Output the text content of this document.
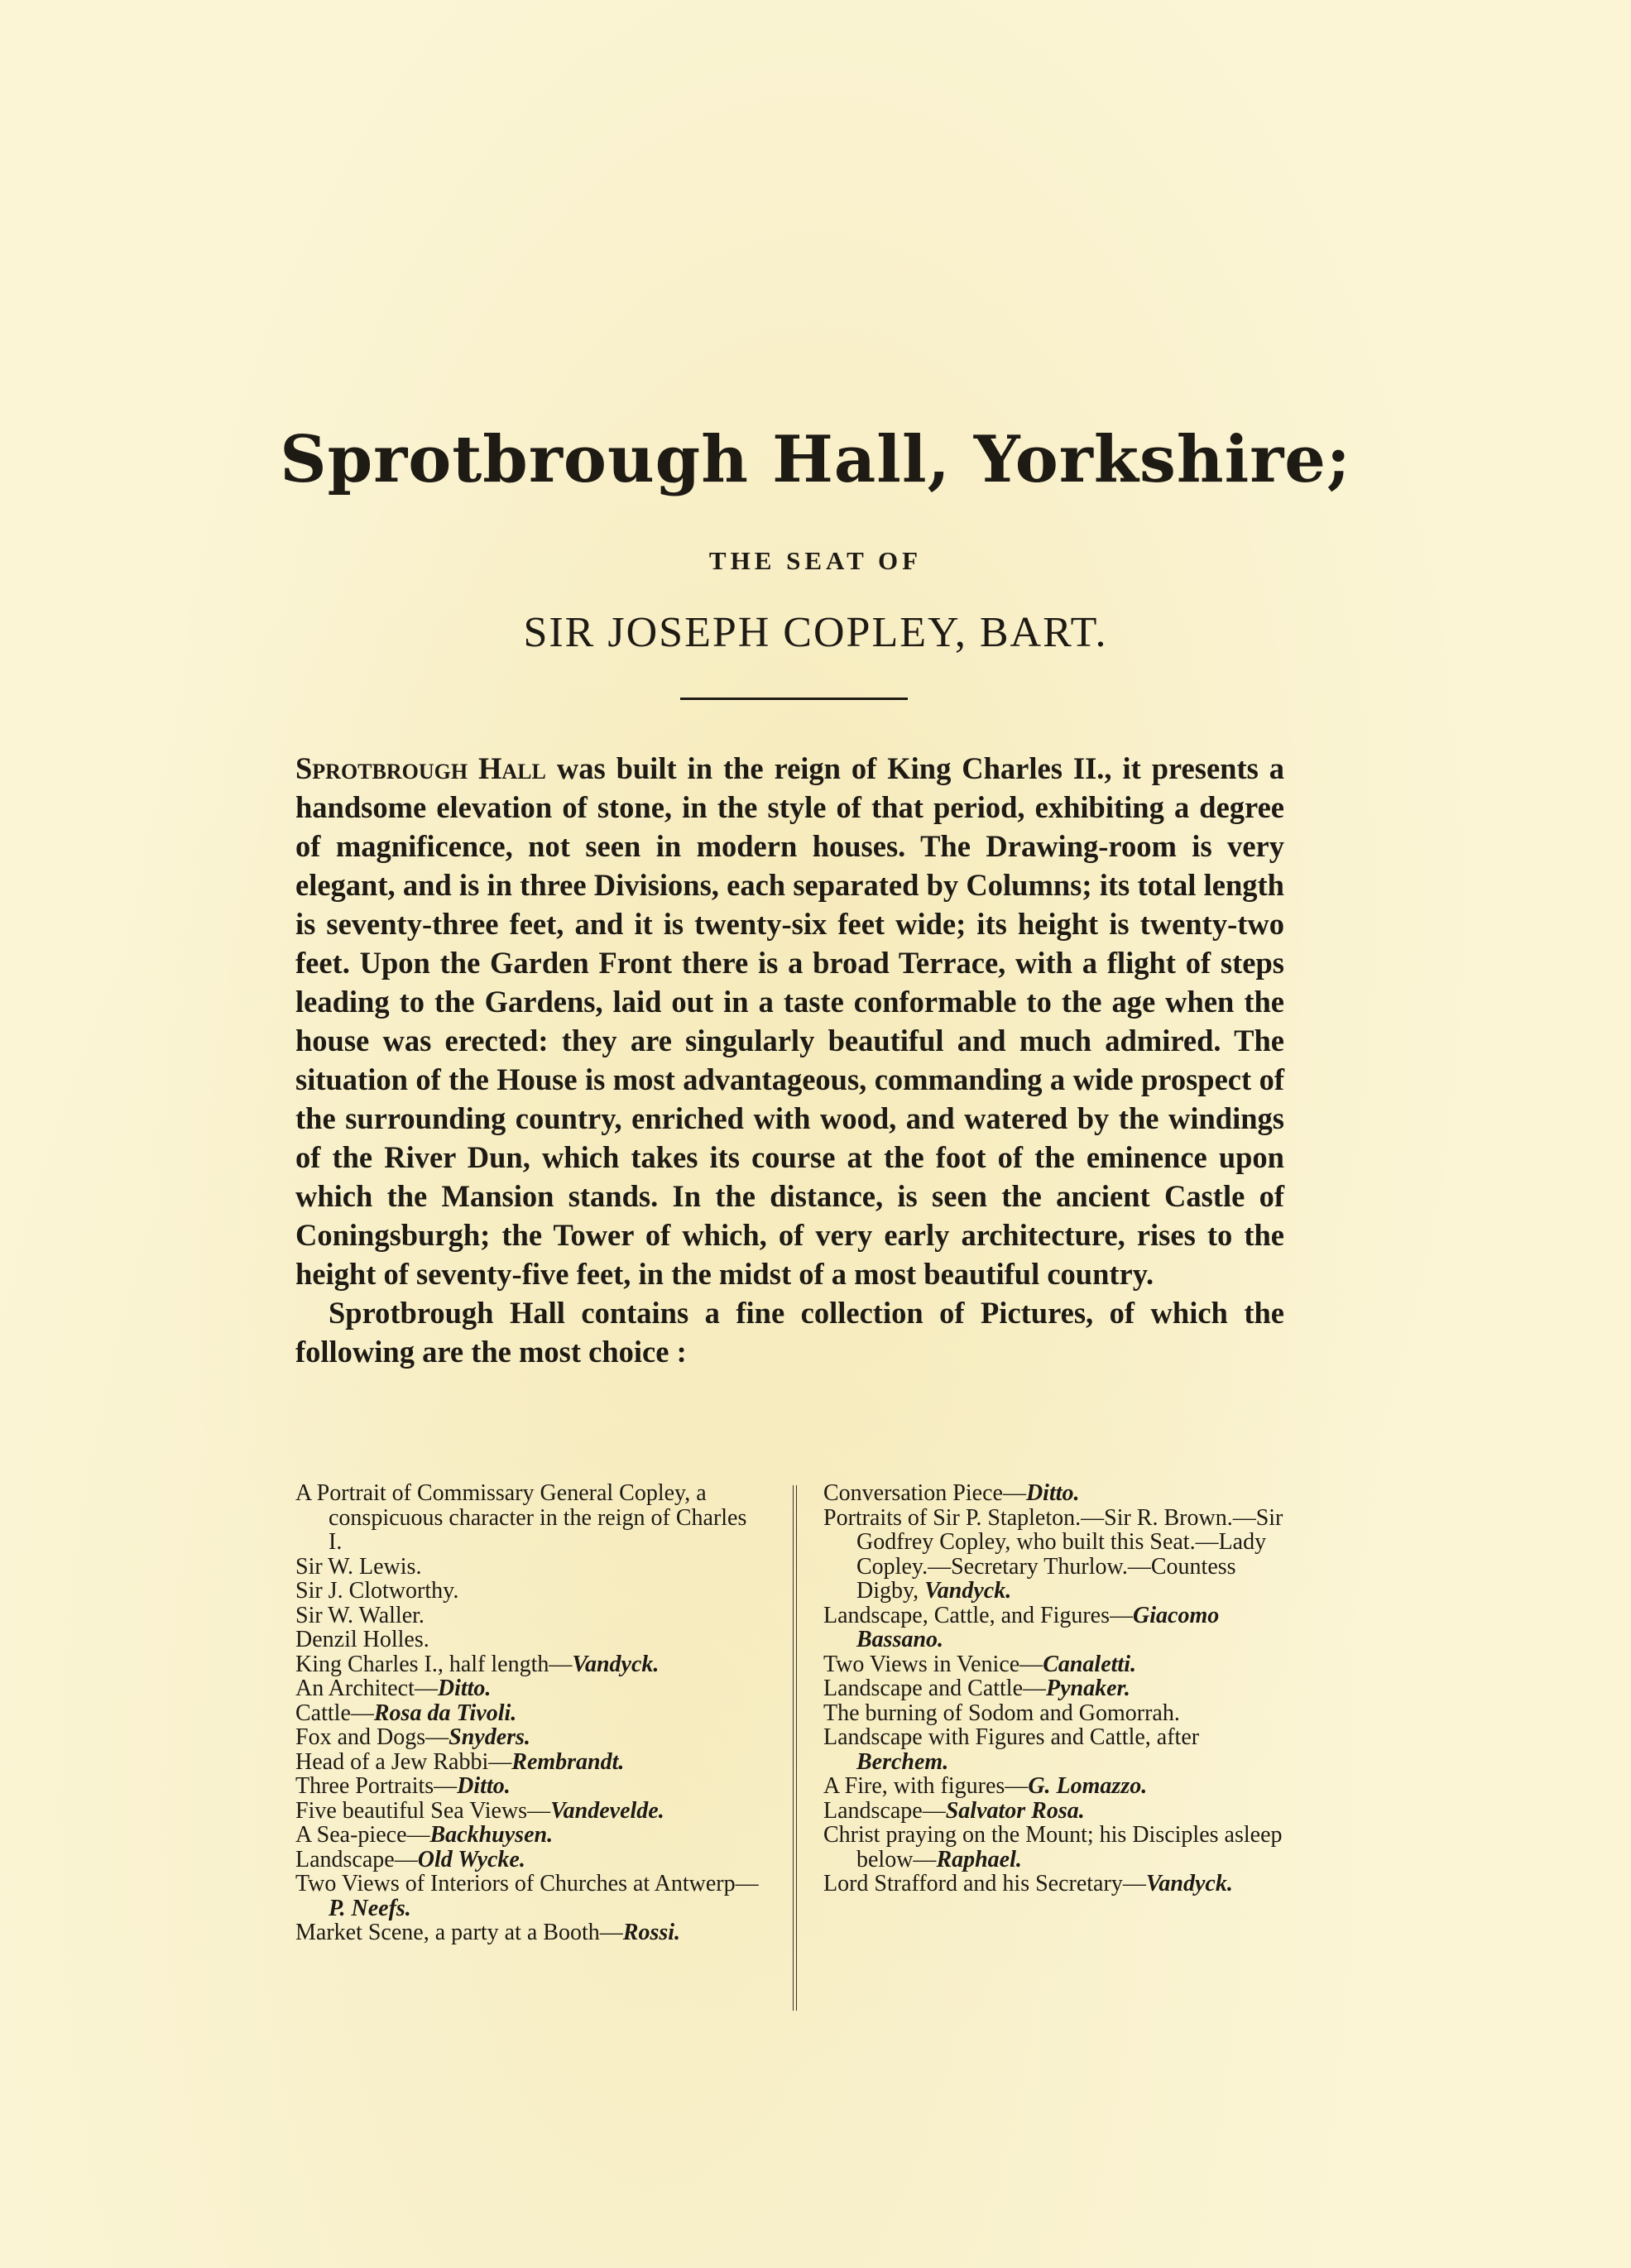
Sprotbrough Hall, Yorkshire;
THE SEAT OF
SIR JOSEPH COPLEY, BART.

Sprotbrough Hall was built in the reign of King Charles II., it presents a handsome elevation of stone, in the style of that period, exhibiting a degree of magnificence, not seen in modern houses. The Drawing-room is very elegant, and is in three Divisions, each separated by Columns; its total length is seventy-three feet, and it is twenty-six feet wide; its height is twenty-two feet. Upon the Garden Front there is a broad Terrace, with a flight of steps leading to the Gardens, laid out in a taste conformable to the age when the house was erected: they are singularly beautiful and much admired. The situation of the House is most advantageous, commanding a wide prospect of the surrounding country, enriched with wood, and watered by the windings of the River Dun, which takes its course at the foot of the eminence upon which the Mansion stands. In the distance, is seen the ancient Castle of Coningsburgh; the Tower of which, of very early architecture, rises to the height of seventy-five feet, in the midst of a most beautiful country.

Sprotbrough Hall contains a fine collection of Pictures, of which the following are the most choice :

A Portrait of Commissary General Copley, a conspicuous character in the reign of Charles I.
Sir W. Lewis.
Sir J. Clotworthy.
Sir W. Waller.
Denzil Holles.
King Charles I., half length—Vandyck.
An Architect—Ditto.
Cattle—Rosa da Tivoli.
Fox and Dogs—Snyders.
Head of a Jew Rabbi—Rembrandt.
Three Portraits—Ditto.
Five beautiful Sea Views—Vandevelde.
A Sea-piece—Backhuysen.
Landscape—Old Wycke.
Two Views of Interiors of Churches at Antwerp—P. Neefs.
Market Scene, a party at a Booth—Rossi.
Conversation Piece—Ditto.
Portraits of Sir P. Stapleton.—Sir R. Brown.—Sir Godfrey Copley, who built this Seat.—Lady Copley.—Secretary Thurlow.—Countess Digby, Vandyck.
Landscape, Cattle, and Figures—Giacomo Bassano.
Two Views in Venice—Canaletti.
Landscape and Cattle—Pynaker.
The burning of Sodom and Gomorrah.
Landscape with Figures and Cattle, after Berchem.
A Fire, with figures—G. Lomazzo.
Landscape—Salvator Rosa.
Christ praying on the Mount; his Disciples asleep below—Raphael.
Lord Strafford and his Secretary—Vandyck.
